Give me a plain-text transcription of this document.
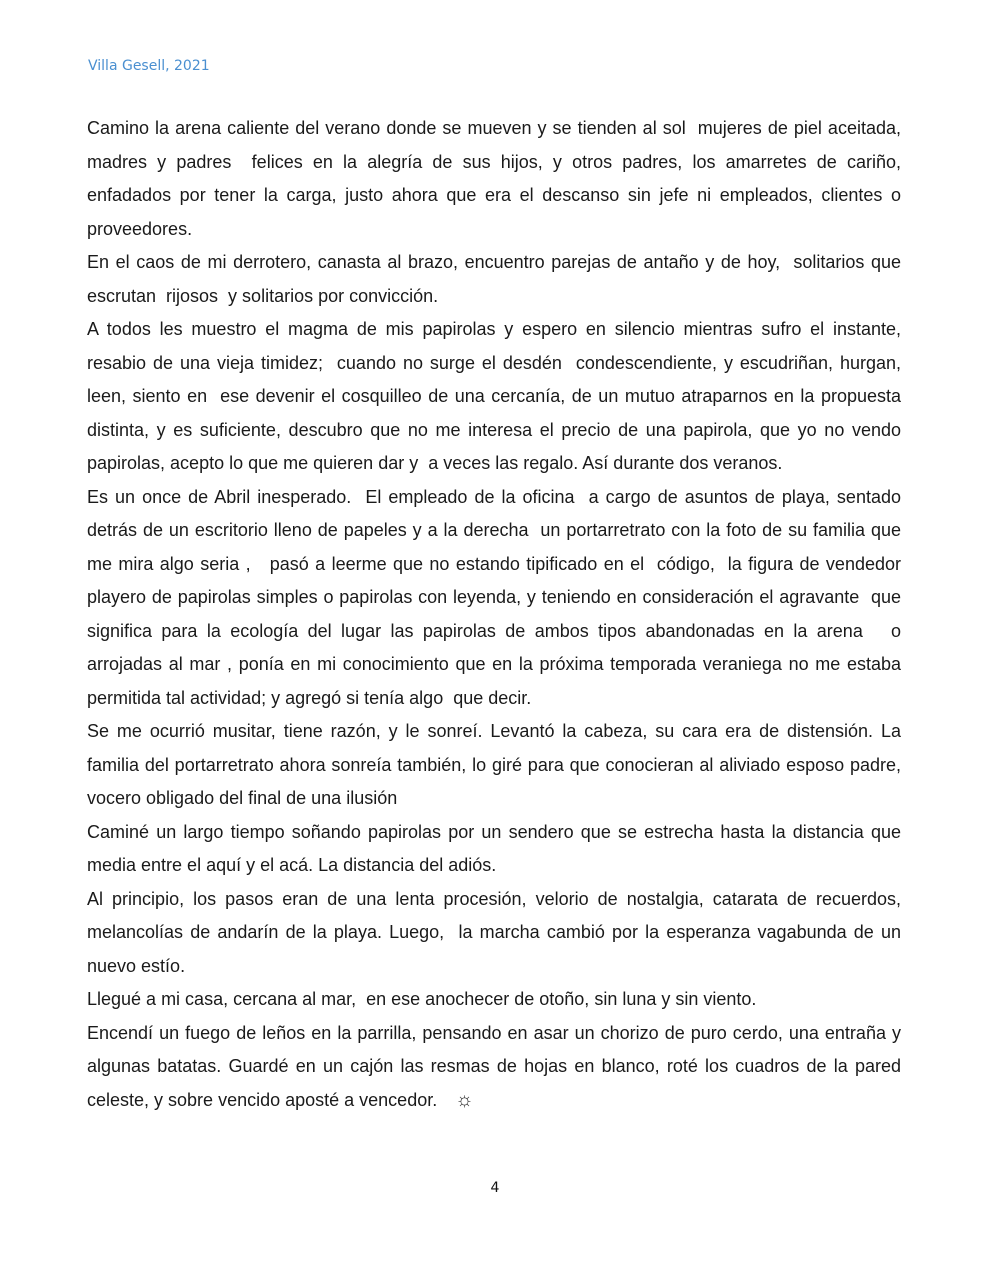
Villa Gesell, 2021

Camino la arena caliente del verano donde se mueven y se tienden al sol  mujeres de piel aceitada, madres y padres  felices en la alegría de sus hijos, y otros padres, los amarretes de cariño, enfadados por tener la carga, justo ahora que era el descanso sin jefe ni empleados, clientes o proveedores.

En el caos de mi derrotero, canasta al brazo, encuentro parejas de antaño y de hoy,  solitarios que escrutan  rijosos  y solitarios por convicción.

A todos les muestro el magma de mis papirolas y espero en silencio mientras sufro el instante, resabio de una vieja timidez;  cuando no surge el desdén  condescendiente, y escudriñan, hurgan,  leen, siento en  ese devenir el cosquilleo de una cercanía, de un mutuo atraparnos en la propuesta distinta, y es suficiente, descubro que no me interesa el precio de una papirola, que yo no vendo papirolas, acepto lo que me quieren dar y  a veces las regalo. Así durante dos veranos.

Es un once de Abril inesperado.  El empleado de la oficina  a cargo de asuntos de playa, sentado detrás de un escritorio lleno de papeles y a la derecha  un portarretrato con la foto de su familia que me mira algo seria ,   pasó a leerme que no estando tipificado en el  código,  la figura de vendedor playero de papirolas simples o papirolas con leyenda, y teniendo en consideración el agravante  que significa para la ecología del lugar las papirolas de ambos tipos abandonadas en la arena   o arrojadas al mar , ponía en mi conocimiento que en la próxima temporada veraniega no me estaba permitida tal actividad; y agregó si tenía algo  que decir.

Se me ocurrió musitar, tiene razón, y le sonreí. Levantó la cabeza, su cara era de distensión. La familia del portarretrato ahora sonreía también, lo giré para que conocieran al aliviado esposo padre, vocero obligado del final de una ilusión

Caminé un largo tiempo soñando papirolas por un sendero que se estrecha hasta la distancia que media entre el aquí y el acá. La distancia del adiós.

Al principio, los pasos eran de una lenta procesión, velorio de nostalgia, catarata de recuerdos, melancolías de andarín de la playa. Luego,  la marcha cambió por la esperanza vagabunda de un nuevo estío.

Llegué a mi casa, cercana al mar,  en ese anochecer de otoño, sin luna y sin viento.

Encendí un fuego de leños en la parrilla, pensando en asar un chorizo de puro cerdo, una entraña y algunas batatas. Guardé en un cajón las resmas de hojas en blanco, roté los cuadros de la pared celeste, y sobre vencido aposté a vencedor. ☼

4
